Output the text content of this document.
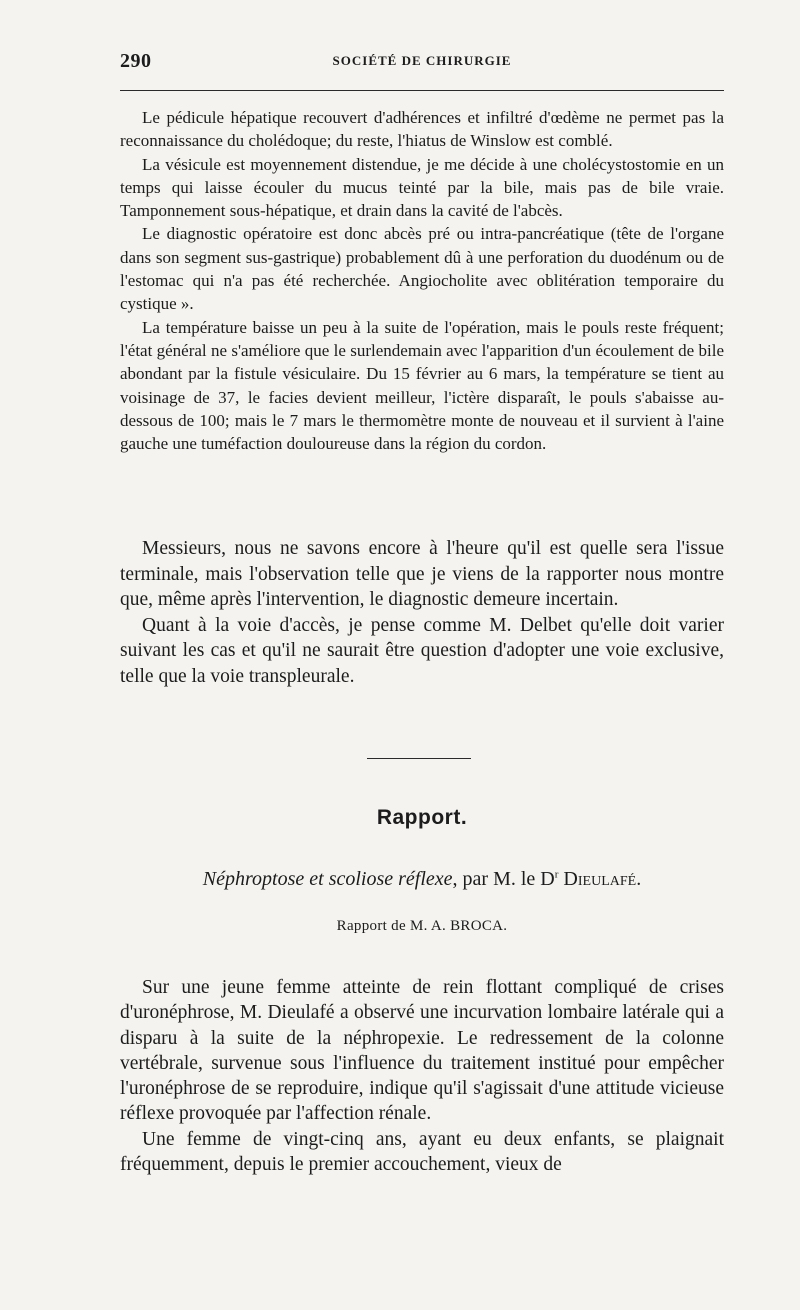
290	SOCIÉTÉ DE CHIRURGIE

Le pédicule hépatique recouvert d'adhérences et infiltré d'œdème ne permet pas la reconnaissance du cholédoque; du reste, l'hiatus de Winslow est comblé.

La vésicule est moyennement distendue, je me décide à une cholécystostomie en un temps qui laisse écouler du mucus teinté par la bile, mais pas de bile vraie. Tamponnement sous-hépatique, et drain dans la cavité de l'abcès.

Le diagnostic opératoire est donc abcès pré ou intra-pancréatique (tête de l'organe dans son segment sus-gastrique) probablement dû à une perforation du duodénum ou de l'estomac qui n'a pas été recherchée. Angiocholite avec oblitération temporaire du cystique ».

La température baisse un peu à la suite de l'opération, mais le pouls reste fréquent; l'état général ne s'améliore que le surlendemain avec l'apparition d'un écoulement de bile abondant par la fistule vésiculaire. Du 15 février au 6 mars, la température se tient au voisinage de 37, le facies devient meilleur, l'ictère disparaît, le pouls s'abaisse au-dessous de 100; mais le 7 mars le thermomètre monte de nouveau et il survient à l'aine gauche une tuméfaction douloureuse dans la région du cordon.

Messieurs, nous ne savons encore à l'heure qu'il est quelle sera l'issue terminale, mais l'observation telle que je viens de la rapporter nous montre que, même après l'intervention, le diagnostic demeure incertain.

Quant à la voie d'accès, je pense comme M. Delbet qu'elle doit varier suivant les cas et qu'il ne saurait être question d'adopter une voie exclusive, telle que la voie transpleurale.

Rapport.
Néphroptose et scoliose réflexe, par M. le $D^r$ Dieulafé.
Rapport de M. A. BROCA.

Sur une jeune femme atteinte de rein flottant compliqué de crises d'uronéphrose, M. Dieulafé a observé une incurvation lombaire latérale qui a disparu à la suite de la néphropexie. Le redressement de la colonne vertébrale, survenue sous l'influence du traitement institué pour empêcher l'uronéphrose de se reproduire, indique qu'il s'agissait d'une attitude vicieuse réflexe provoquée par l'affection rénale.

Une femme de vingt-cinq ans, ayant eu deux enfants, se plaignait fréquemment, depuis le premier accouchement, vieux de
